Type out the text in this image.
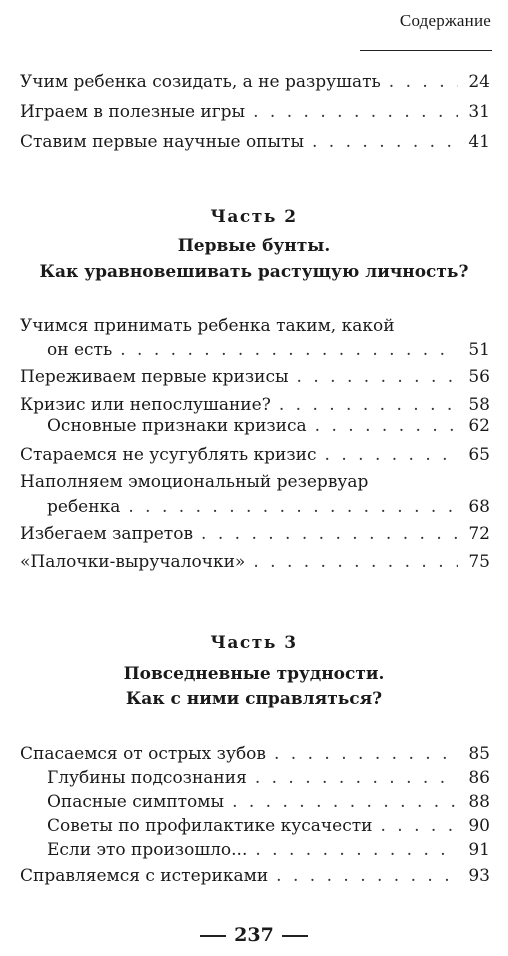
Содержание
Учим ребенка созидать, а не разрушать . . .	24
Играем в полезные игры . . .	31
Ставим первые научные опыты . . .	41
Часть 2
Первые бунты.
Как уравновешивать растущую личность?
Учимся принимать ребенка таким, какой
он есть . . .	51
Переживаем первые кризисы . . .	56
Кризис или непослушание? . . .	58
Основные признаки кризиса . . .	62
Стараемся не усугублять кризис . . .	65
Наполняем эмоциональный резервуар
ребенка . . .	68
Избегаем запретов . . .	72
«Палочки-выручалочки» . . .	75
Часть 3
Повседневные трудности.
Как с ними справляться?
Спасаемся от острых зубов . . .	85
Глубины подсознания . . .	86
Опасные симптомы . . .	88
Советы по профилактике кусачести . . .	90
Если это произошло... . . .	91
Справляемся с истериками . . .	93
237
